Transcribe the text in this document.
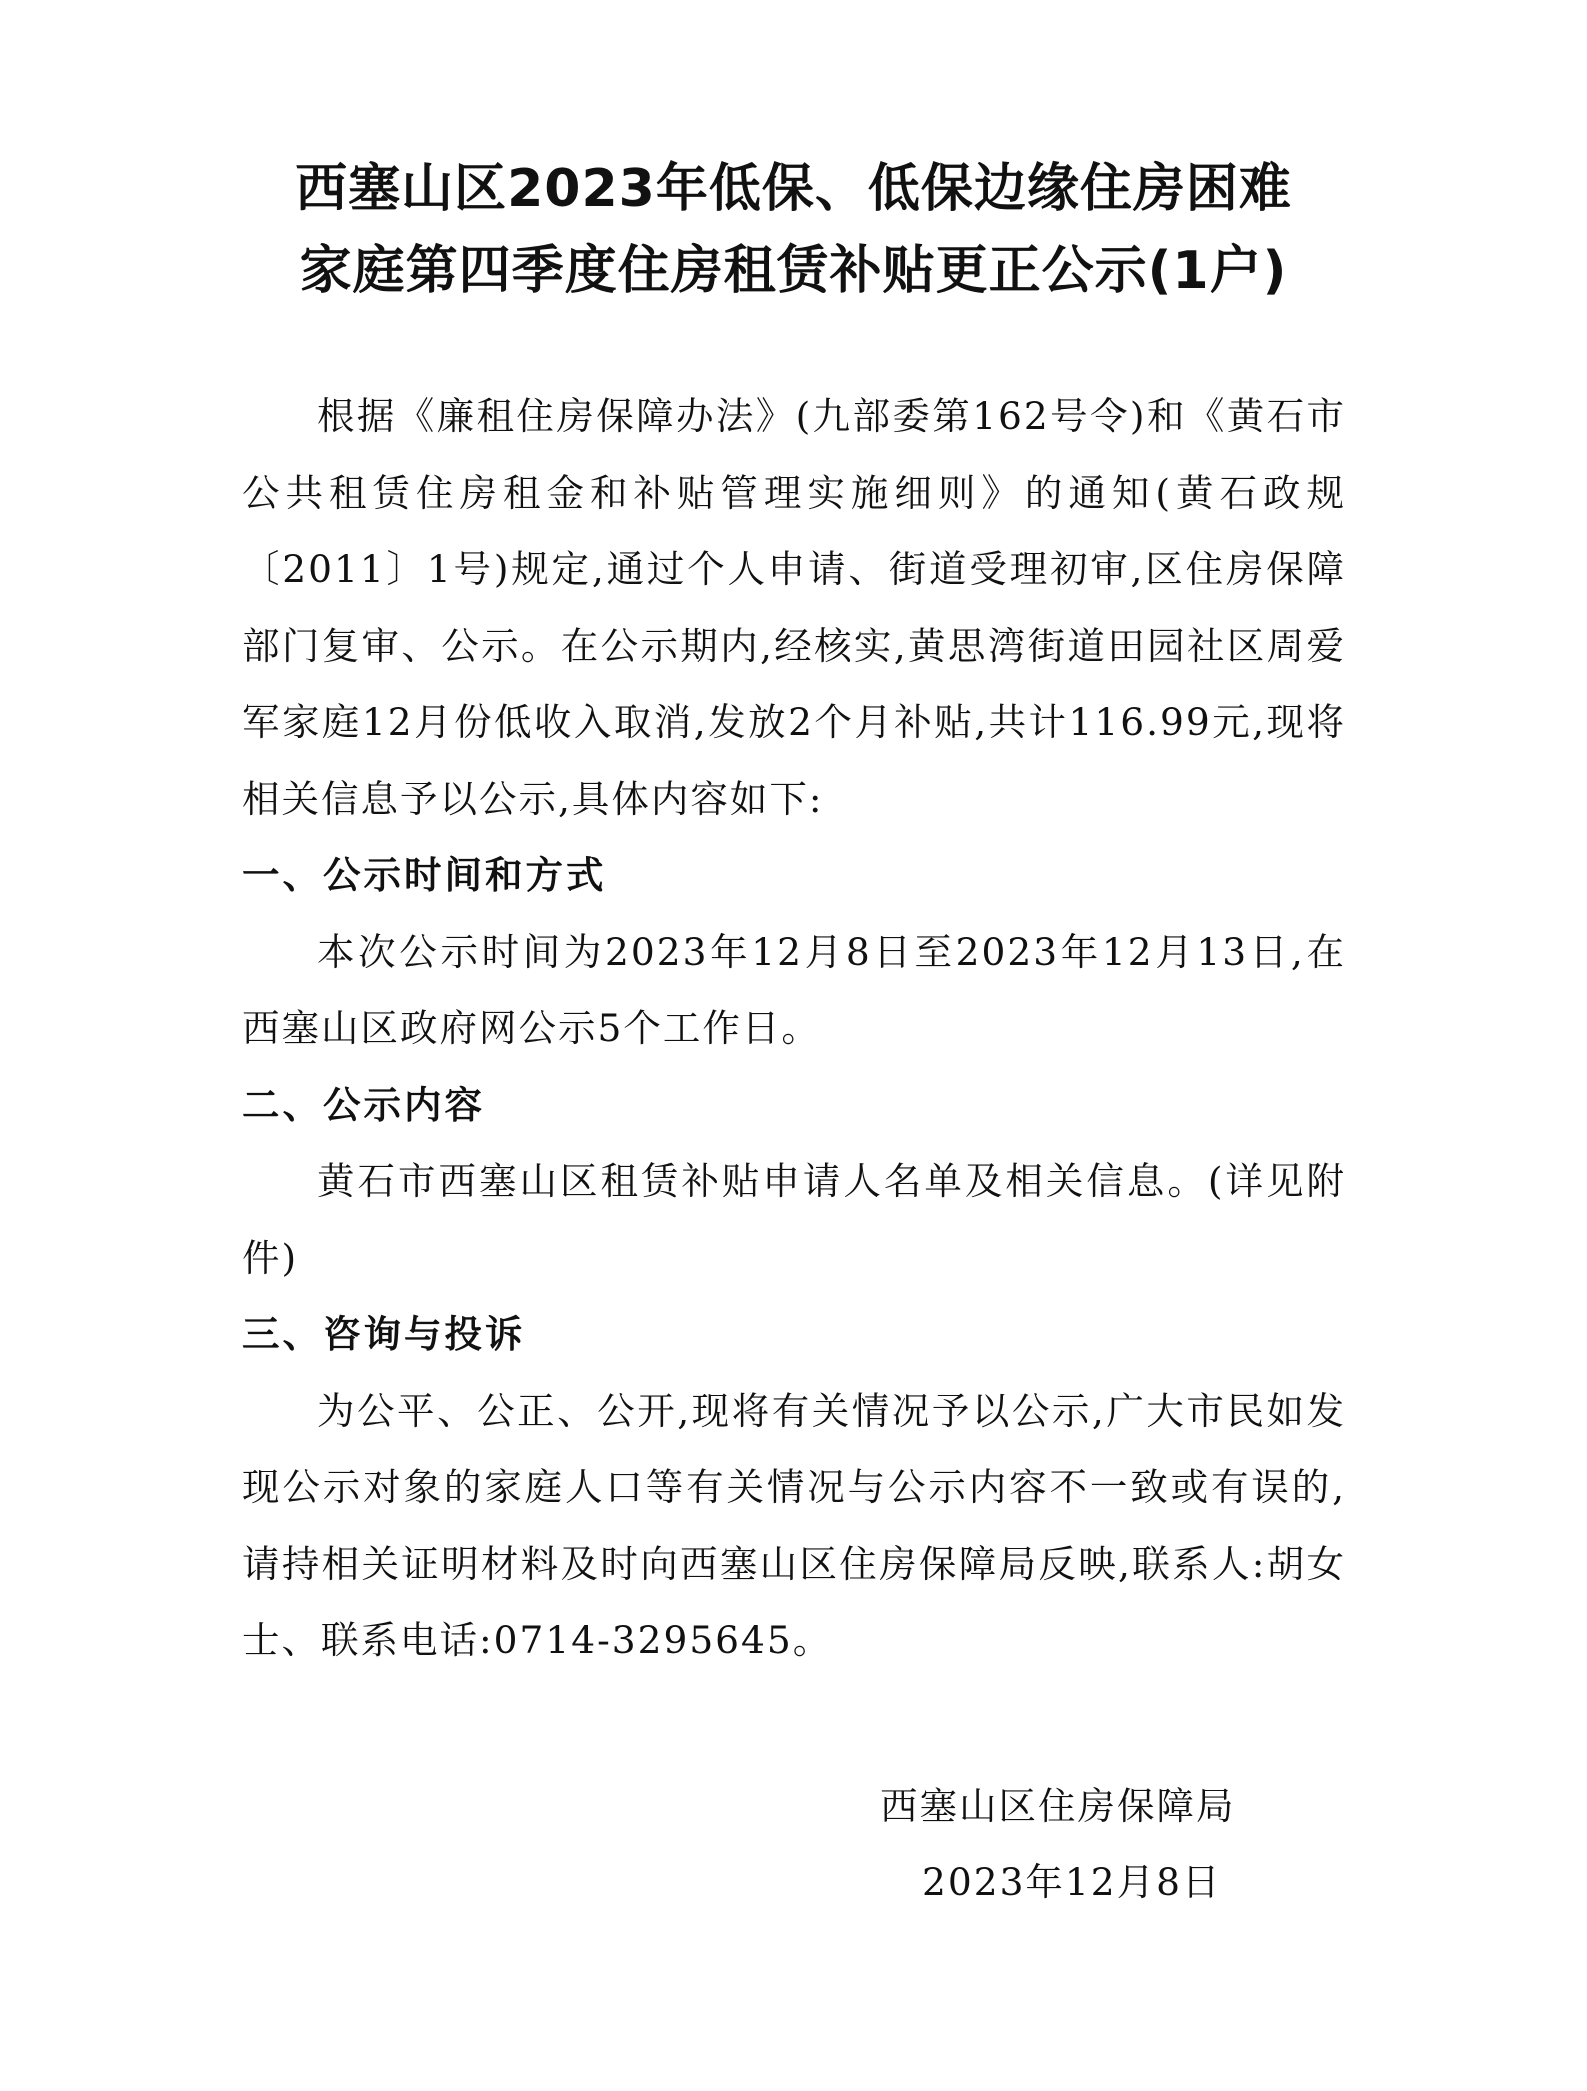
西塞山区2023年低保、低保边缘住房困难
家庭第四季度住房租赁补贴更正公示(1户)

根据《廉租住房保障办法》(九部委第162号令)和《黄石市公共租赁住房租金和补贴管理实施细则》的通知(黄石政规〔2011〕1号)规定,通过个人申请、街道受理初审,区住房保障部门复审、公示。在公示期内,经核实,黄思湾街道田园社区周爱军家庭12月份低收入取消,发放2个月补贴,共计116.99元,现将相关信息予以公示,具体内容如下:

一、公示时间和方式

本次公示时间为2023年12月8日至2023年12月13日,在西塞山区政府网公示5个工作日。

二、公示内容

黄石市西塞山区租赁补贴申请人名单及相关信息。(详见附件)

三、咨询与投诉

为公平、公正、公开,现将有关情况予以公示,广大市民如发现公示对象的家庭人口等有关情况与公示内容不一致或有误的,请持相关证明材料及时向西塞山区住房保障局反映,联系人:胡女士、联系电话:0714-3295645。

西塞山区住房保障局
2023年12月8日
